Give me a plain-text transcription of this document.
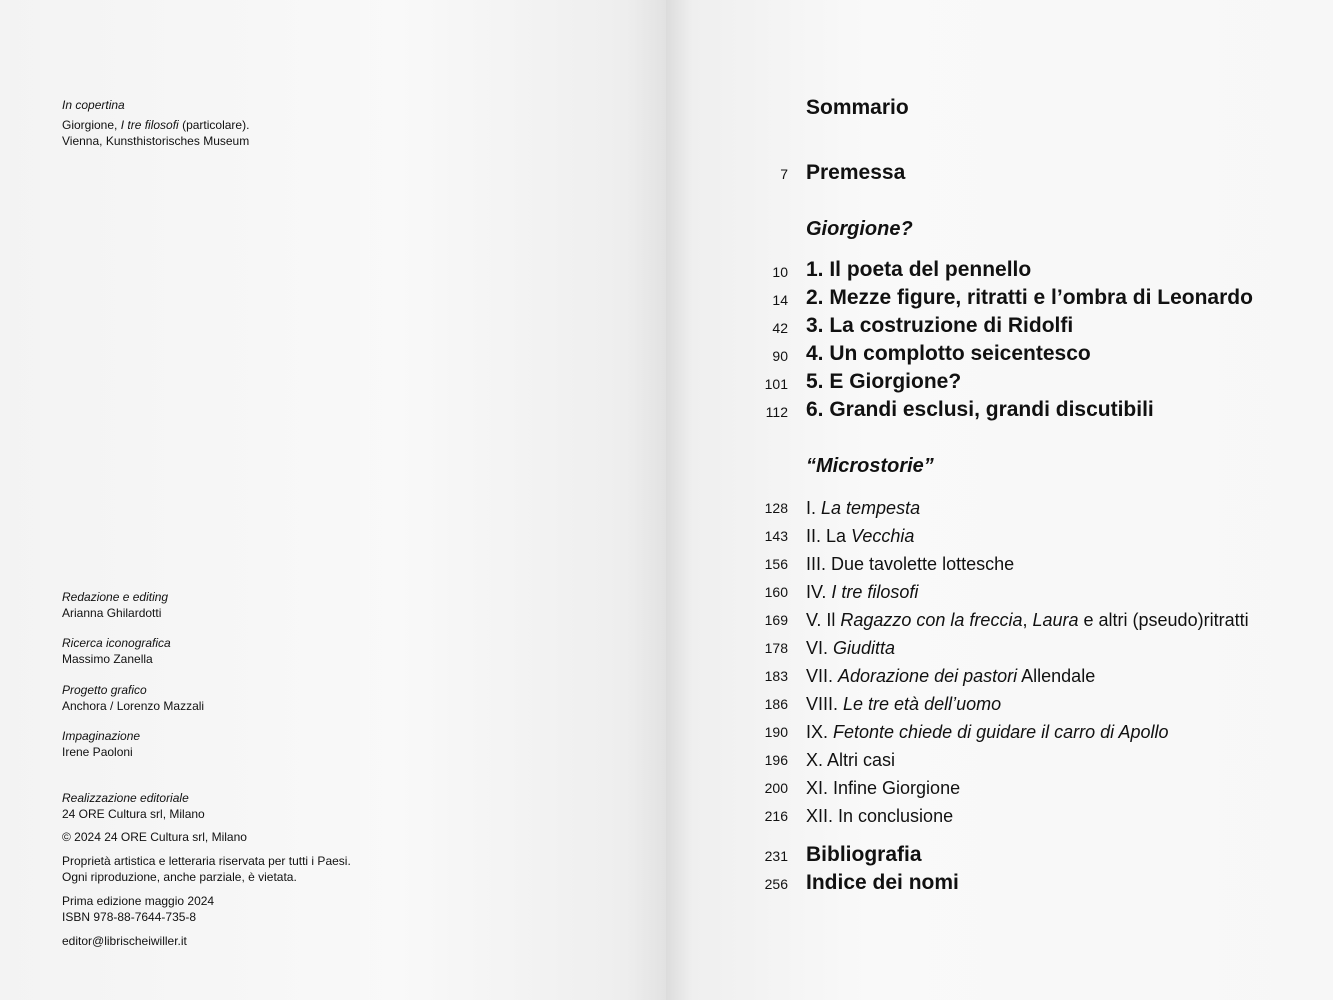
In copertina
Giorgione, I tre filosofi (particolare).
Vienna, Kunsthistorisches Museum
Redazione e editing
Arianna Ghilardotti
Ricerca iconografica
Massimo Zanella
Progetto grafico
Anchora / Lorenzo Mazzali
Impaginazione
Irene Paoloni
Realizzazione editoriale
24 ORE Cultura srl, Milano
© 2024 24 ORE Cultura srl, Milano
Proprietà artistica e letteraria riservata per tutti i Paesi.
Ogni riproduzione, anche parziale, è vietata.
Prima edizione maggio 2024
ISBN 978-88-7644-735-8
editor@librischeiwiller.it
Sommario
7 Premessa
Giorgione?
10 1. Il poeta del pennello
14 2. Mezze figure, ritratti e l’ombra di Leonardo
42 3. La costruzione di Ridolfi
90 4. Un complotto seicentesco
101 5. E Giorgione?
112 6. Grandi esclusi, grandi discutibili
“Microstorie”
128 I. La tempesta
143 II. La Vecchia
156 III. Due tavolette lottesche
160 IV. I tre filosofi
169 V. Il Ragazzo con la freccia, Laura e altri (pseudo)ritratti
178 VI. Giuditta
183 VII. Adorazione dei pastori Allendale
186 VIII. Le tre età dell’uomo
190 IX. Fetonte chiede di guidare il carro di Apollo
196 X. Altri casi
200 XI. Infine Giorgione
216 XII. In conclusione
231 Bibliografia
256 Indice dei nomi
